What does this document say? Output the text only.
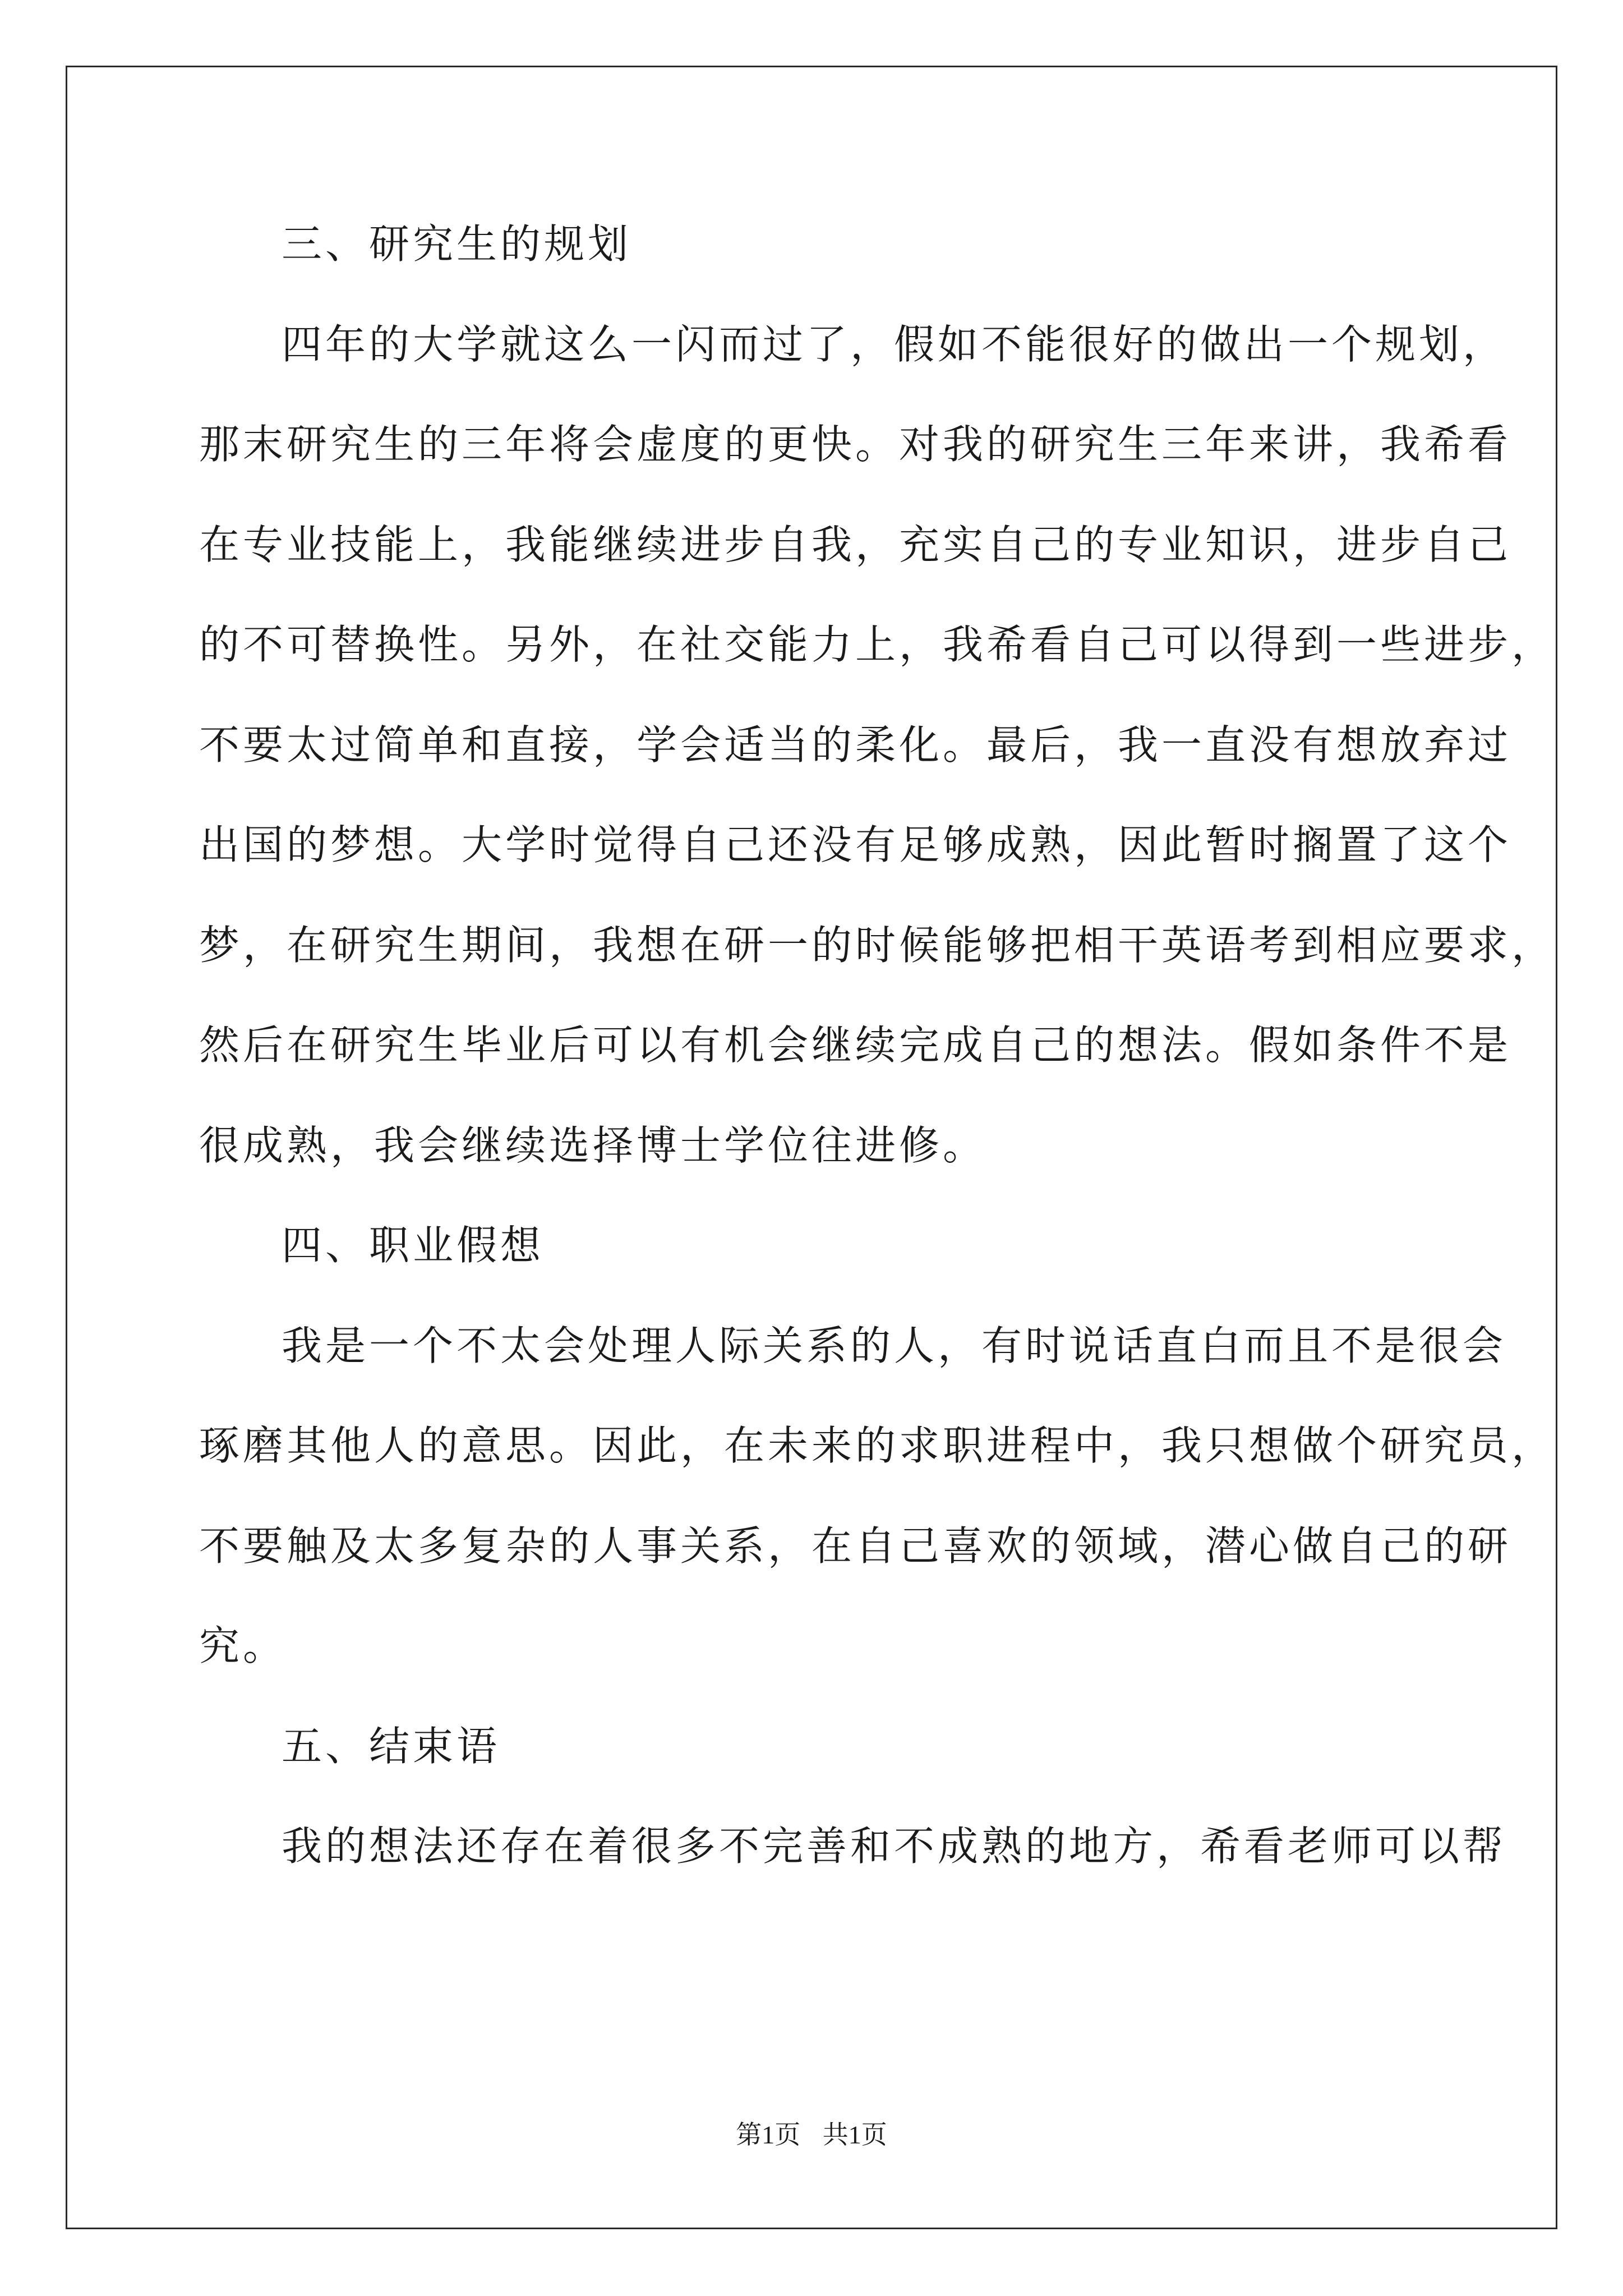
三、研究生的规划
四年的大学就这么一闪而过了，假如不能很好的做出一个规划，
那末研究生的三年将会虚度的更快。对我的研究生三年来讲，我希看
在专业技能上，我能继续进步自我，充实自己的专业知识，进步自己
的不可替换性。另外，在社交能力上，我希看自己可以得到一些进步，
不要太过简单和直接，学会适当的柔化。最后，我一直没有想放弃过
出国的梦想。大学时觉得自己还没有足够成熟，因此暂时搁置了这个
梦，在研究生期间，我想在研一的时候能够把相干英语考到相应要求，
然后在研究生毕业后可以有机会继续完成自己的想法。假如条件不是
很成熟，我会继续选择博士学位往进修。
四、职业假想
我是一个不太会处理人际关系的人，有时说话直白而且不是很会
琢磨其他人的意思。因此，在未来的求职进程中，我只想做个研究员，
不要触及太多复杂的人事关系，在自己喜欢的领域，潜心做自己的研
究。
五、结束语
我的想法还存在着很多不完善和不成熟的地方，希看老师可以帮
第1页 共1页
